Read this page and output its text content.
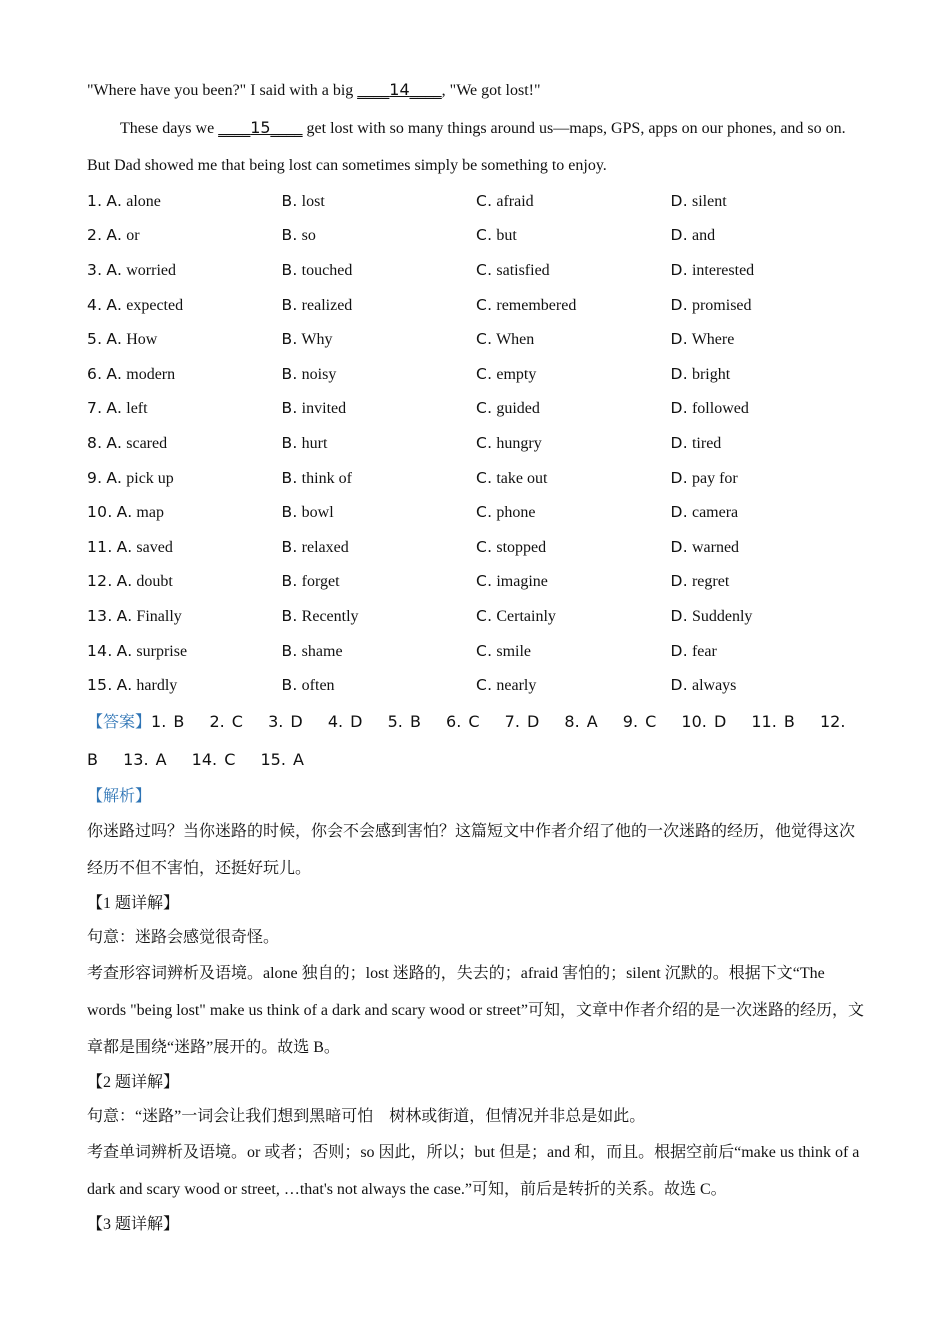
"Where have you been?" I said with a big ____14____, "We got lost!"

These days we ____15____ get lost with so many things around us—maps, GPS, apps on our phones, and so on. But Dad showed me that being lost can sometimes simply be something to enjoy.

1. A. alone	B. lost	C. afraid	D. silent
2. A. or	B. so	C. but	D. and
3. A. worried	B. touched	C. satisfied	D. interested
4. A. expected	B. realized	C. remembered	D. promised
5. A. How	B. Why	C. When	D. Where
6. A. modern	B. noisy	C. empty	D. bright
7. A. left	B. invited	C. guided	D. followed
8. A. scared	B. hurt	C. hungry	D. tired
9. A. pick up	B. think of	C. take out	D. pay for
10. A. map	B. bowl	C. phone	D. camera
11. A. saved	B. relaxed	C. stopped	D. warned
12. A. doubt	B. forget	C. imagine	D. regret
13. A. Finally	B. Recently	C. Certainly	D. Suddenly
14. A. surprise	B. shame	C. smile	D. fear
15. A. hardly	B. often	C. nearly	D. always
【答案】1. B 2. C 3. D 4. D 5. B 6. C 7. D 8. A 9. C 10. D 11. B 12. B 13. A 14. C 15. A
【解析】

你迷路过吗？当你迷路的时候，你会不会感到害怕？这篇短文中作者介绍了他的一次迷路的经历，他觉得这次经历不但不害怕，还挺好玩儿。

【1 题详解】
句意：迷路会感觉很奇怪。

考查形容词辨析及语境。alone 独自的；lost 迷路的，失去的；afraid 害怕的；silent 沉默的。根据下文“The words "being lost" make us think of a dark and scary wood or street”可知，文章中作者介绍的是一次迷路的经历，文章都是围绕“迷路”展开的。故选 B。

【2 题详解】
句意：“迷路”一词会让我们想到黑暗可怕　树林或街道，但情况并非总是如此。

考查单词辨析及语境。or 或者；否则；so 因此，所以；but 但是；and 和，而且。根据空前后“make us think of a dark and scary wood or street, …that's not always the case.”可知，前后是转折的关系。故选 C。

【3 题详解】
